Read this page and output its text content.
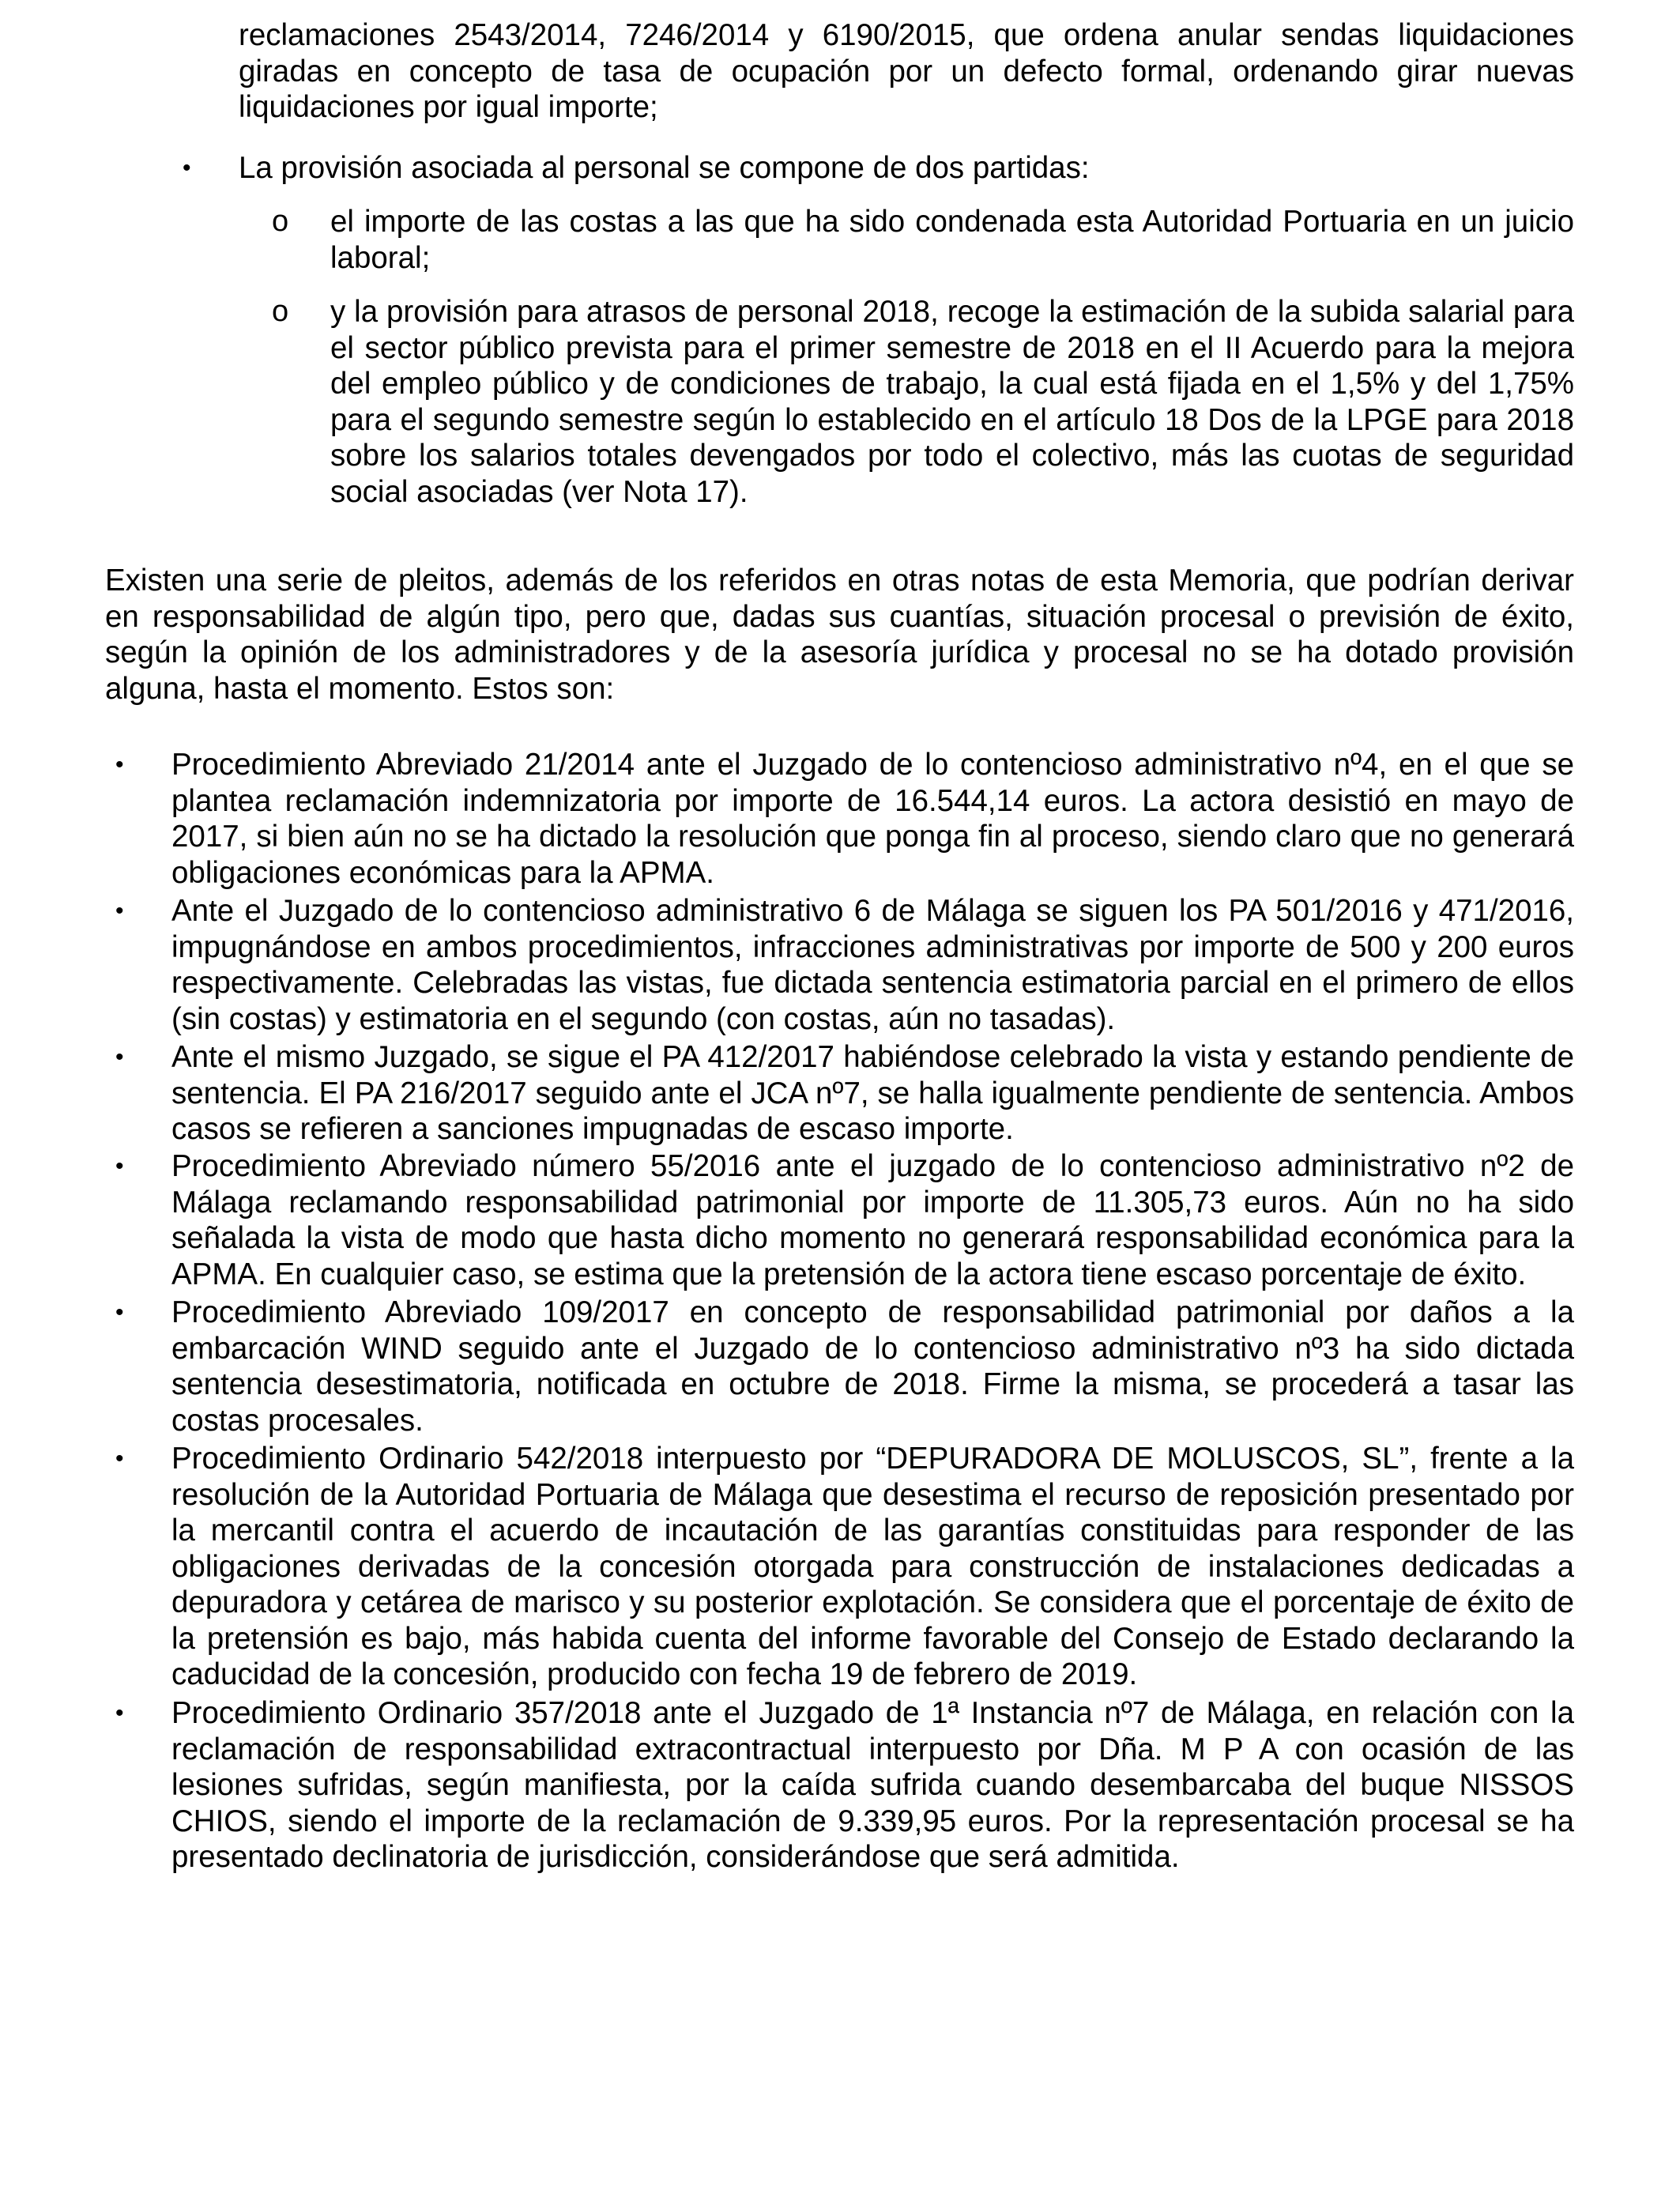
reclamaciones 2543/2014, 7246/2014 y 6190/2015, que ordena anular sendas liquidaciones giradas en concepto de tasa de ocupación por un defecto formal, ordenando girar nuevas liquidaciones por igual importe;

• La provisión asociada al personal se compone de dos partidas:

o el importe de las costas a las que ha sido condenada esta Autoridad Portuaria en un juicio laboral;

o y la provisión para atrasos de personal 2018, recoge la estimación de la subida salarial para el sector público prevista para el primer semestre de 2018 en el II Acuerdo para la mejora del empleo público y de condiciones de trabajo, la cual está fijada en el 1,5% y del 1,75% para el segundo semestre según lo establecido en el artículo 18 Dos de la LPGE para 2018 sobre los salarios totales devengados por todo el colectivo, más las cuotas de seguridad social asociadas (ver Nota 17).

Existen una serie de pleitos, además de los referidos en otras notas de esta Memoria, que podrían derivar en responsabilidad de algún tipo, pero que, dadas sus cuantías, situación procesal o previsión de éxito, según la opinión de los administradores y de la asesoría jurídica y procesal no se ha dotado provisión alguna, hasta el momento. Estos son:

• Procedimiento Abreviado 21/2014 ante el Juzgado de lo contencioso administrativo nº4, en el que se plantea reclamación indemnizatoria por importe de 16.544,14 euros. La actora desistió en mayo de 2017, si bien aún no se ha dictado la resolución que ponga fin al proceso, siendo claro que no generará obligaciones económicas para la APMA.

• Ante el Juzgado de lo contencioso administrativo 6 de Málaga se siguen los PA 501/2016 y 471/2016, impugnándose en ambos procedimientos, infracciones administrativas por importe de 500 y 200 euros respectivamente. Celebradas las vistas, fue dictada sentencia estimatoria parcial en el primero de ellos (sin costas) y estimatoria en el segundo (con costas, aún no tasadas).

• Ante el mismo Juzgado, se sigue el PA 412/2017 habiéndose celebrado la vista y estando pendiente de sentencia. El PA 216/2017 seguido ante el JCA nº7, se halla igualmente pendiente de sentencia. Ambos casos se refieren a sanciones impugnadas de escaso importe.

• Procedimiento Abreviado número 55/2016 ante el juzgado de lo contencioso administrativo nº2 de Málaga reclamando responsabilidad patrimonial por importe de 11.305,73 euros. Aún no ha sido señalada la vista de modo que hasta dicho momento no generará responsabilidad económica para la APMA. En cualquier caso, se estima que la pretensión de la actora tiene escaso porcentaje de éxito.

• Procedimiento Abreviado 109/2017 en concepto de responsabilidad patrimonial por daños a la embarcación WIND seguido ante el Juzgado de lo contencioso administrativo nº3 ha sido dictada sentencia desestimatoria, notificada en octubre de 2018. Firme la misma, se procederá a tasar las costas procesales.

• Procedimiento Ordinario 542/2018 interpuesto por “DEPURADORA DE MOLUSCOS, SL”, frente a la resolución de la Autoridad Portuaria de Málaga que desestima el recurso de reposición presentado por la mercantil contra el acuerdo de incautación de las garantías constituidas para responder de las obligaciones derivadas de la concesión otorgada para construcción de instalaciones dedicadas a depuradora y cetárea de marisco y su posterior explotación. Se considera que el porcentaje de éxito de la pretensión es bajo, más habida cuenta del informe favorable del Consejo de Estado declarando la caducidad de la concesión, producido con fecha 19 de febrero de 2019.

• Procedimiento Ordinario 357/2018 ante el Juzgado de 1ª Instancia nº7 de Málaga, en relación con la reclamación de responsabilidad extracontractual interpuesto por Dña. M P A con ocasión de las lesiones sufridas, según manifiesta, por la caída sufrida cuando desembarcaba del buque NISSOS CHIOS, siendo el importe de la reclamación de 9.339,95 euros. Por la representación procesal se ha presentado declinatoria de jurisdicción, considerándose que será admitida.
